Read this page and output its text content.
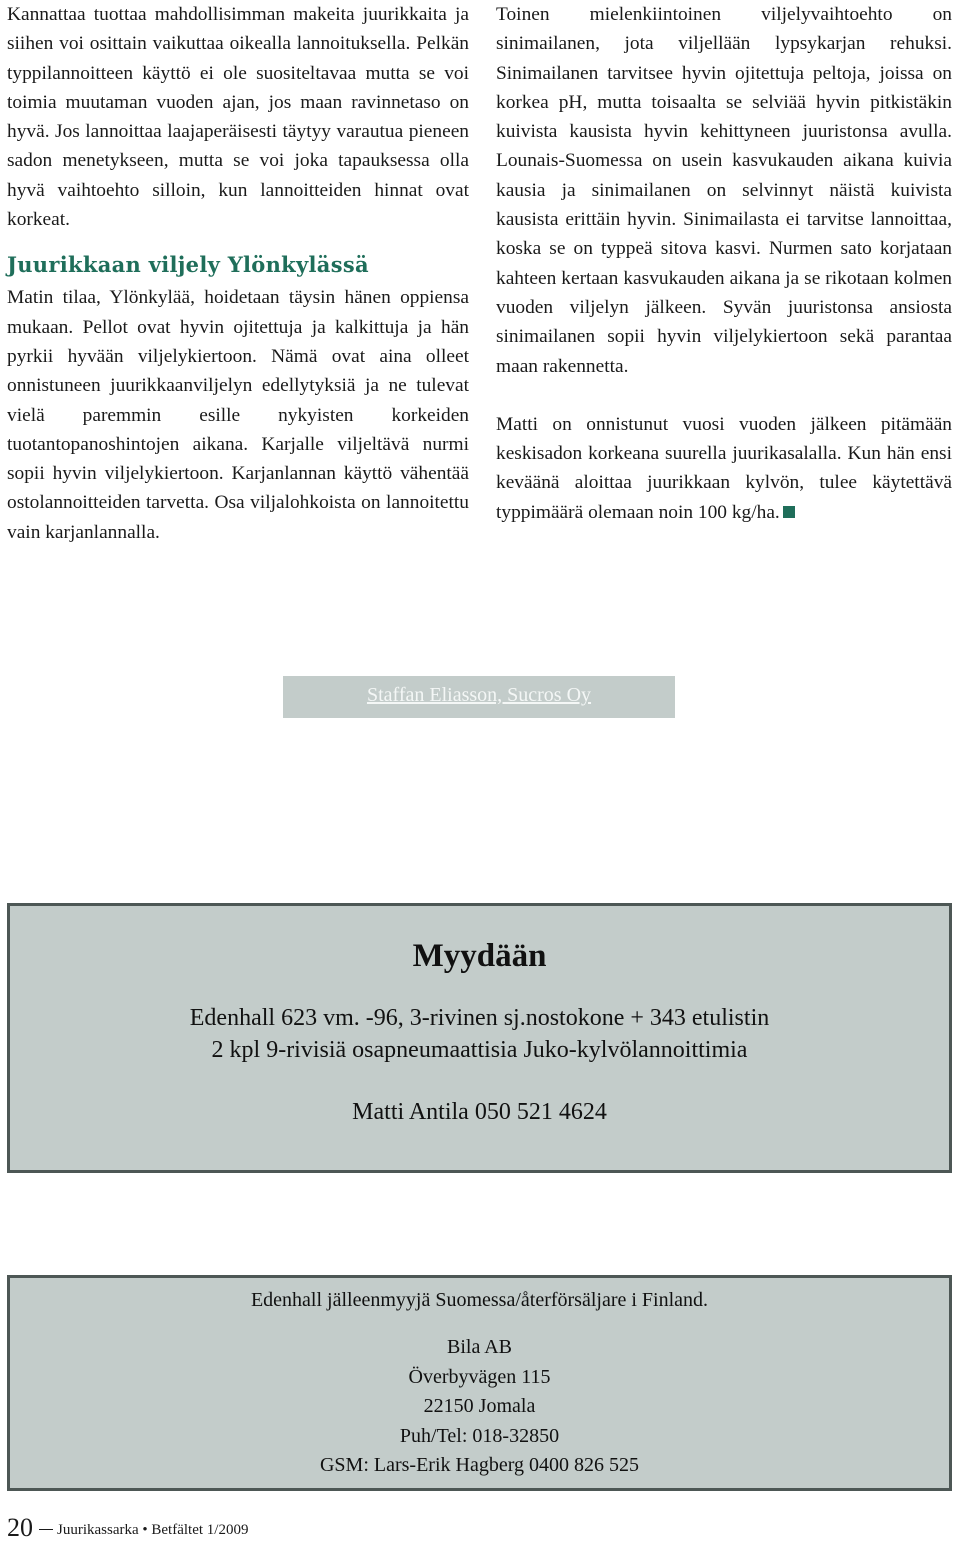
Kannattaa tuottaa mahdollisimman makeita juurikkaita ja siihen voi osittain vaikuttaa oikealla lannoituksella. Pelkän typpilannoitteen käyttö ei ole suositeltavaa mutta se voi toimia muutaman vuoden ajan, jos maan ravinnetaso on hyvä. Jos lannoittaa laajaperäisesti täytyy varautua pieneen sadon menetykseen, mutta se voi joka tapauksessa olla hyvä vaihtoehto silloin, kun lannoitteiden hinnat ovat korkeat.

Juurikkaan viljely Ylönkylässä

Matin tilaa, Ylönkylää, hoidetaan täysin hänen oppiensa mukaan. Pellot ovat hyvin ojitettuja ja kalkittuja ja hän pyrkii hyvään viljelykiertoon. Nämä ovat aina olleet onnistuneen juurikkaanviljelyn edellytyksiä ja ne tulevat vielä paremmin esille nykyisten korkeiden tuotantopanoshintojen aikana. Karjalle viljeltävä nurmi sopii hyvin viljelykiertoon. Karjanlannan käyttö vähentää ostolannoitteiden tarvetta. Osa viljalohkoista on lannoitettu vain karjanlannalla.

Toinen mielenkiintoinen viljelyvaihtoehto on sinimailanen, jota viljellään lypsykarjan rehuksi. Sinimailanen tarvitsee hyvin ojitettuja peltoja, joissa on korkea pH, mutta toisaalta se selviää hyvin pitkistäkin kuivista kausista hyvin kehittyneen juuristonsa avulla. Lounais-Suomessa on usein kasvukauden aikana kuivia kausia ja sinimailanen on selvinnyt näistä kuivista kausista erittäin hyvin. Sinimailasta ei tarvitse lannoittaa, koska se on typpeä sitova kasvi. Nurmen sato korjataan kahteen kertaan kasvukauden aikana ja se rikotaan kolmen vuoden viljelyn jälkeen. Syvän juuristonsa ansiosta sinimailanen sopii hyvin viljelykiertoon sekä parantaa maan rakennetta.

Matti on onnistunut vuosi vuoden jälkeen pitämään keskisadon korkeana suurella juurikasalalla. Kun hän ensi keväänä aloittaa juurikkaan kylvön, tulee käytettävä typpimäärä olemaan noin 100 kg/ha.

Staffan Eliasson, Sucros Oy
Myydään
Edenhall 623 vm. -96, 3-rivinen sj.nostokone + 343 etulistin
2 kpl 9-rivisiä osapneumaattisia Juko-kylvölannoittimia
Matti Antila 050 521 4624
Edenhall jälleenmyyjä Suomessa/återförsäljare i Finland.
Bila AB
Överbyvägen 115
22150 Jomala
Puh/Tel: 018-32850
GSM: Lars-Erik Hagberg 0400 826 525
20 Juurikassarka • Betfältet 1/2009
